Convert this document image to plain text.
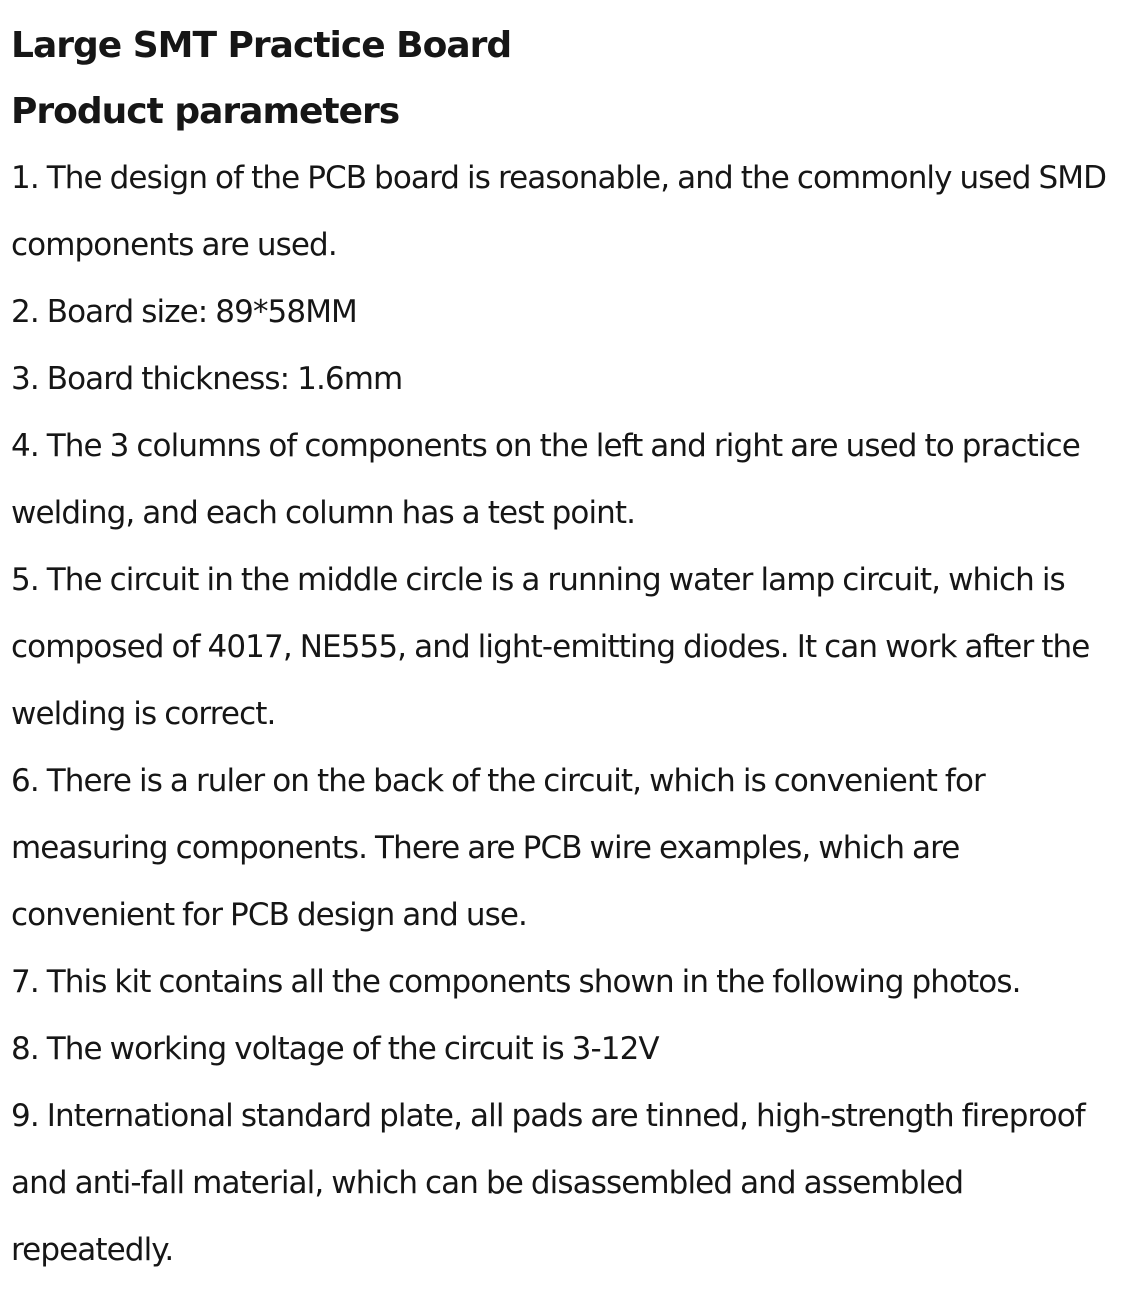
Large SMT Practice Board
Product parameters
1. The design of the PCB board is reasonable, and the commonly used SMD components are used.
2. Board size: 89*58MM
3. Board thickness: 1.6mm
4. The 3 columns of components on the left and right are used to practice welding, and each column has a test point.
5. The circuit in the middle circle is a running water lamp circuit, which is composed of 4017, NE555, and light-emitting diodes. It can work after the welding is correct.
6. There is a ruler on the back of the circuit, which is convenient for measuring components. There are PCB wire examples, which are convenient for PCB design and use.
7. This kit contains all the components shown in the following photos.
8. The working voltage of the circuit is 3-12V
9. International standard plate, all pads are tinned, high-strength fireproof and anti-fall material, which can be disassembled and assembled repeatedly.
